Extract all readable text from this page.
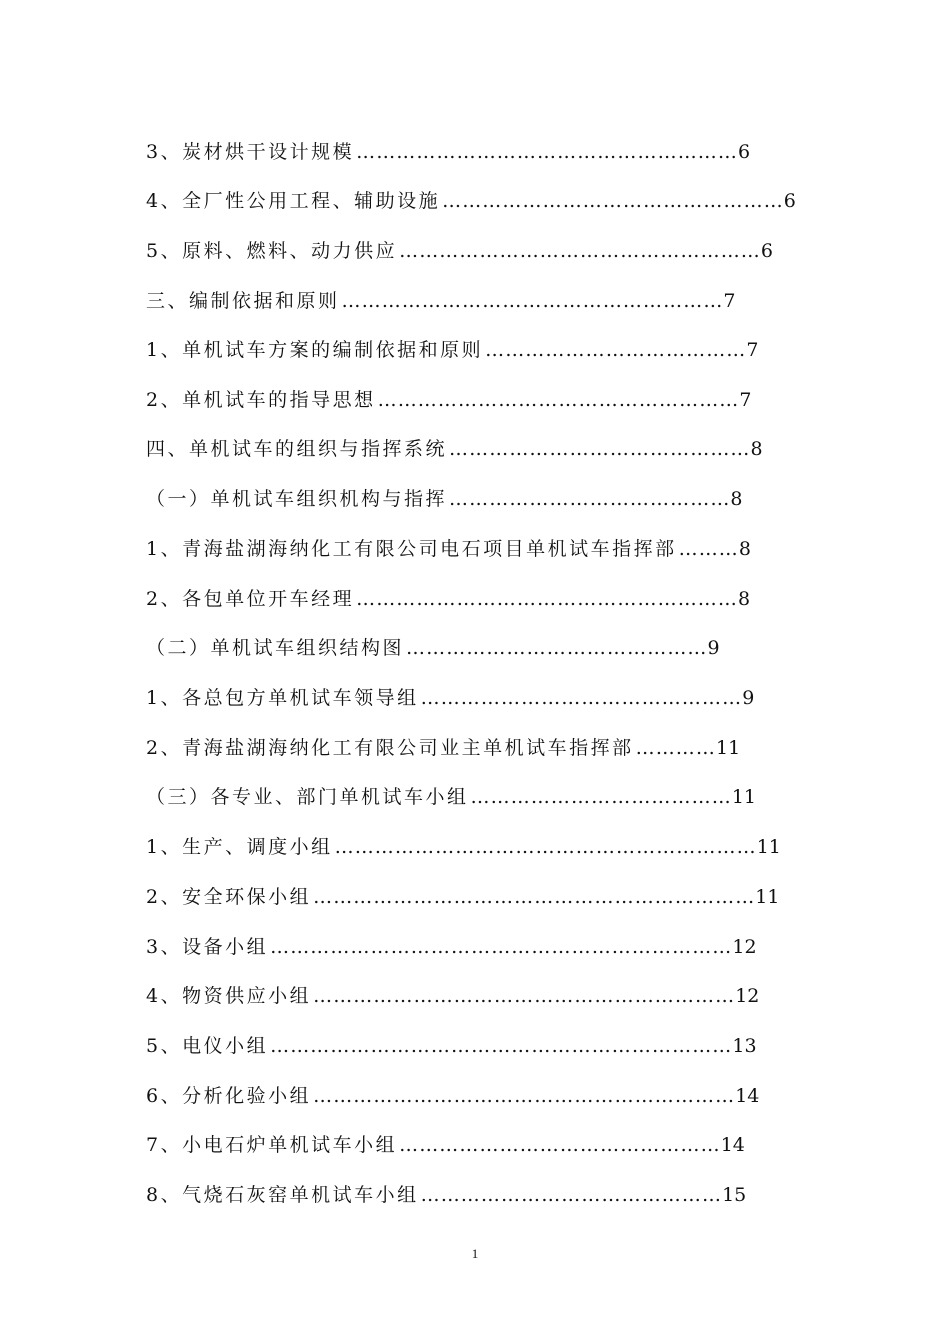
3、炭材烘干设计规模 …………………………………………………6
4、全厂性公用工程、辅助设施 ……………………………………………6
5、原料、燃料、动力供应 ………………………………………………6
三、编制依据和原则 …………………………………………………7
1、单机试车方案的编制依据和原则 …………………………………7
2、单机试车的指导思想 ………………………………………………7
四、单机试车的组织与指挥系统 ………………………………………8
（一）单机试车组织机构与指挥 ……………………………………8
1、青海盐湖海纳化工有限公司电石项目单机试车指挥部 ………8
2、各包单位开车经理 …………………………………………………8
（二）单机试车组织结构图 ………………………………………9
1、各总包方单机试车领导组 …………………………………………9
2、青海盐湖海纳化工有限公司业主单机试车指挥部 …………11
（三）各专业、部门单机试车小组 …………………………………11
1、生产、调度小组 ………………………………………………………11
2、安全环保小组 …………………………………………………………11
3、设备小组 ……………………………………………………………12
4、物资供应小组 ………………………………………………………12
5、电仪小组 ……………………………………………………………13
6、分析化验小组 ………………………………………………………14
7、小电石炉单机试车小组 …………………………………………14
8、气烧石灰窑单机试车小组 ………………………………………15
1
